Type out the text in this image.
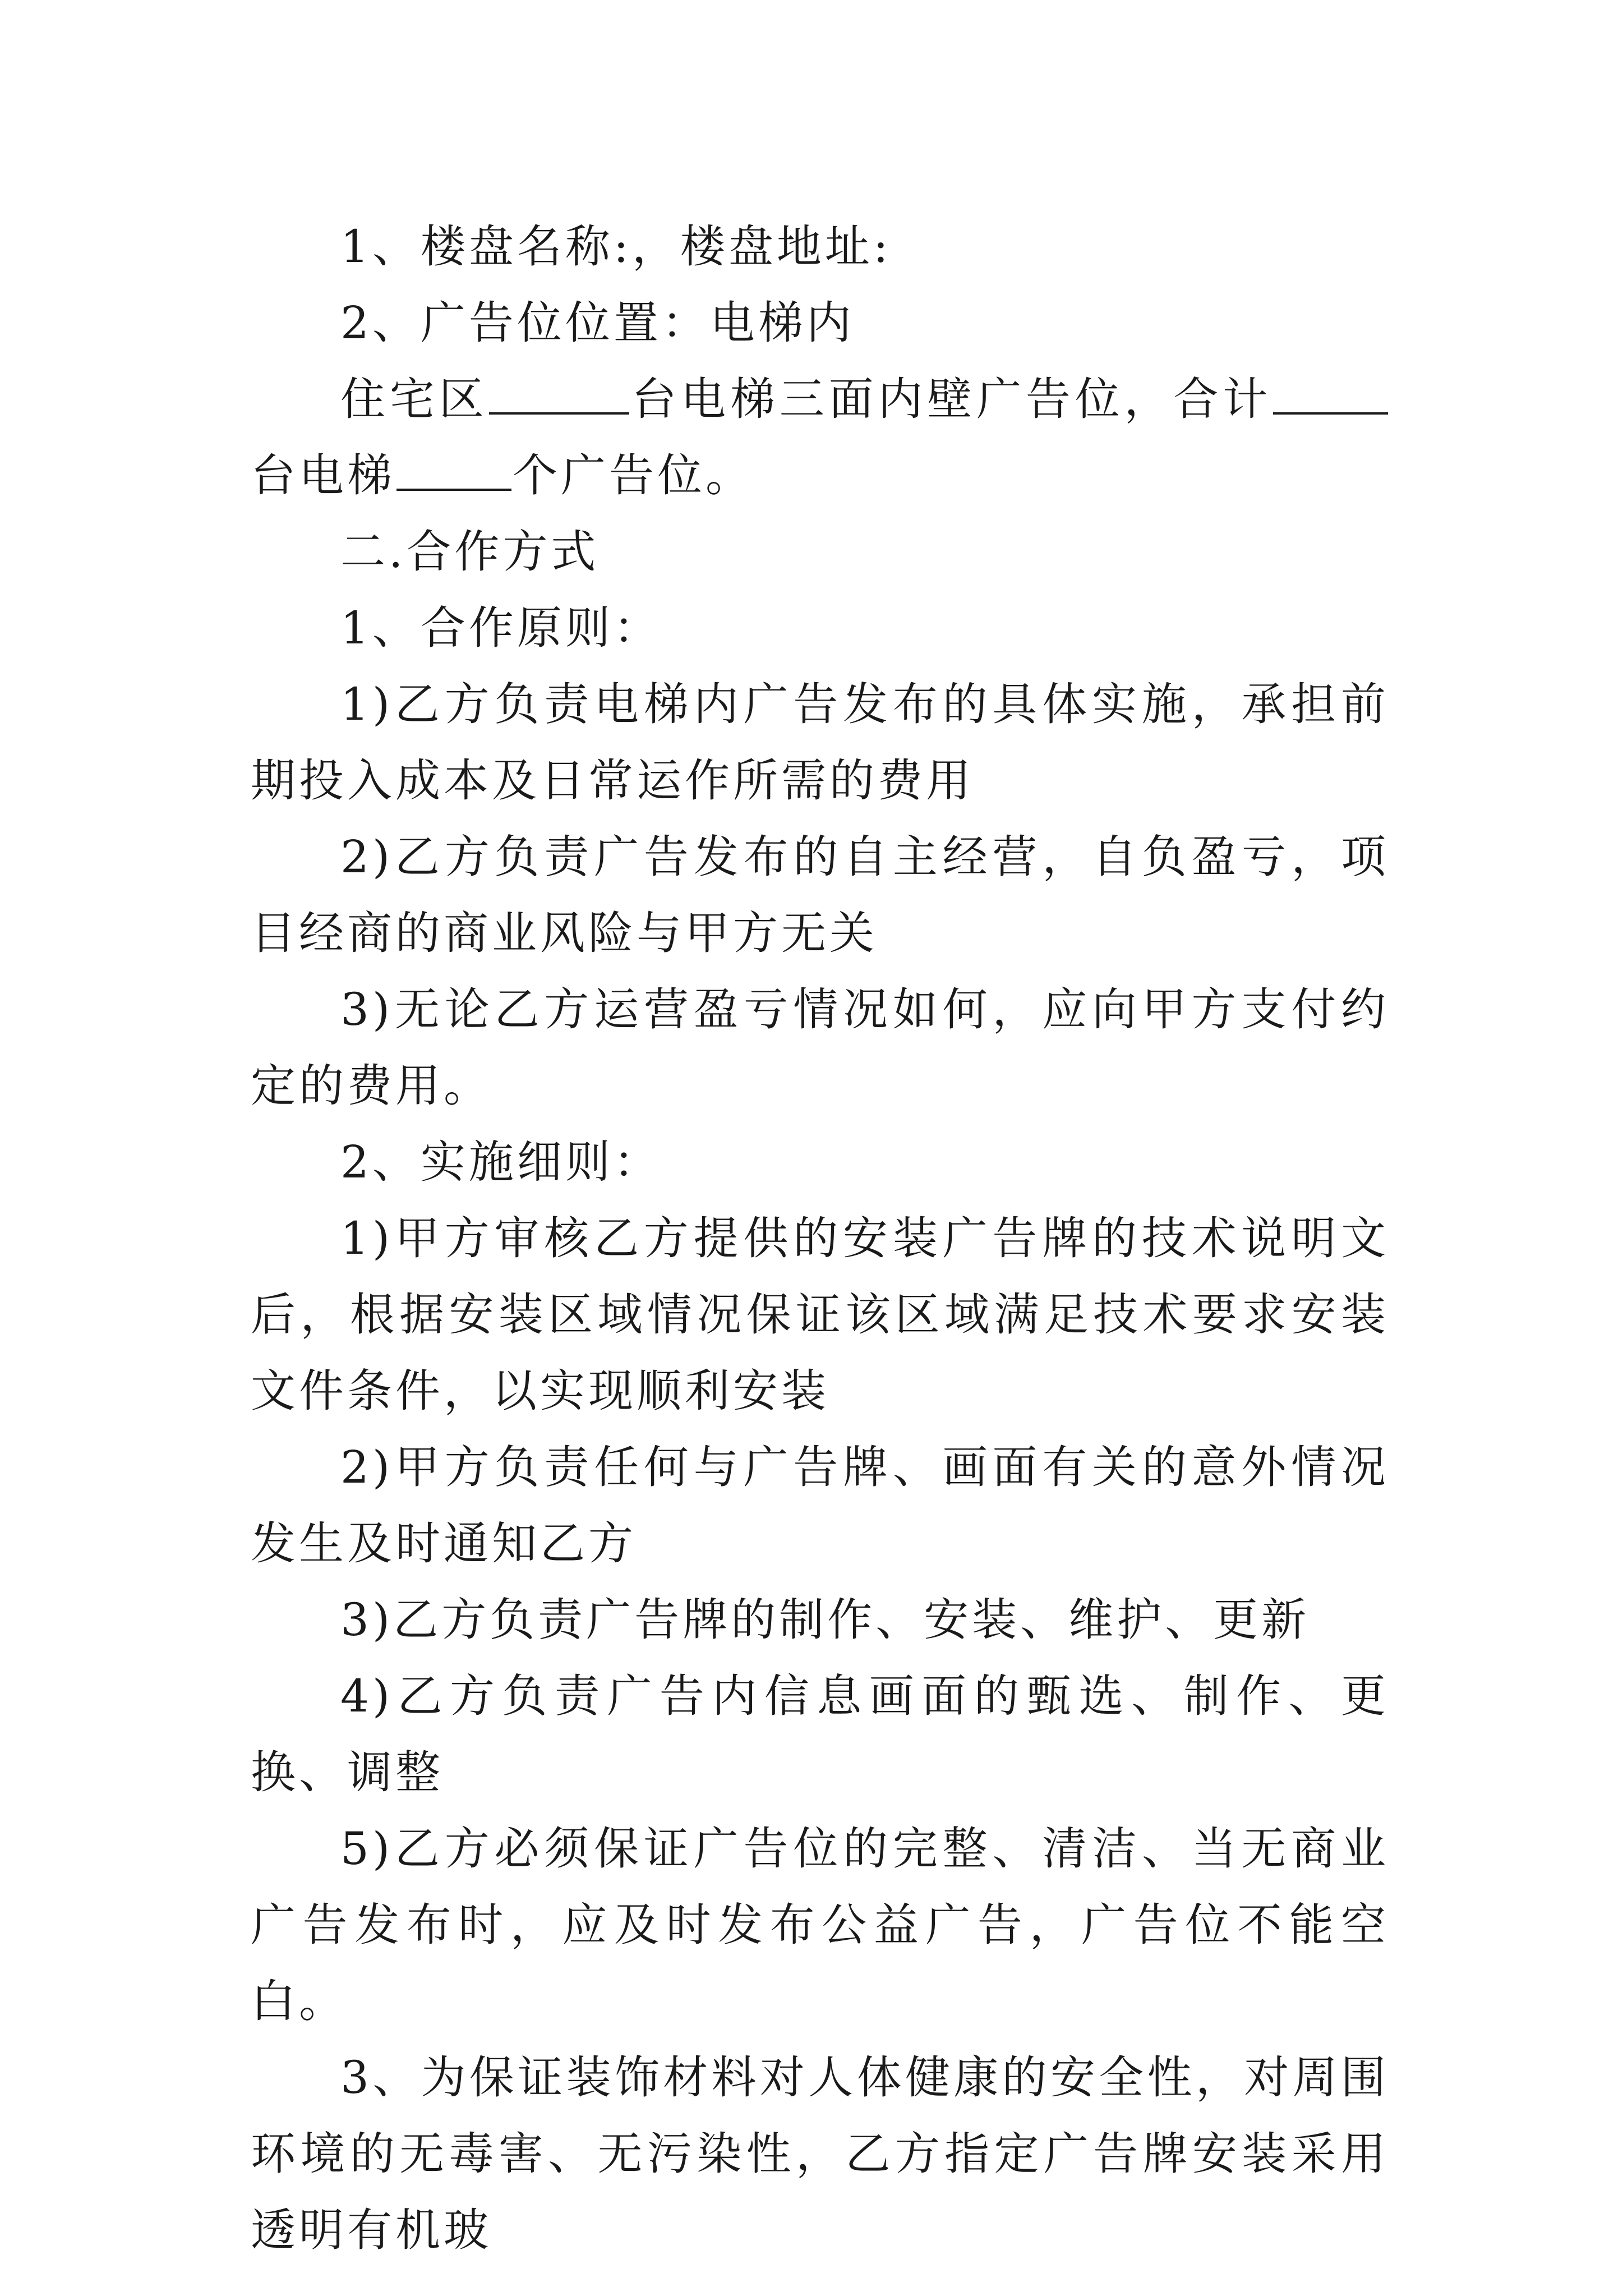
1、楼盘名称:，楼盘地址:

2、广告位位置：电梯内

住宅区	台电梯三面内壁广告位，合计台电梯	个广告位。

二.合作方式

1、合作原则：

1)乙方负责电梯内广告发布的具体实施，承担前期投入成本及日常运作所需的费用

2)乙方负责广告发布的自主经营，自负盈亏，项目经商的商业风险与甲方无关

3)无论乙方运营盈亏情况如何，应向甲方支付约定的费用。

2、实施细则：

1)甲方审核乙方提供的安装广告牌的技术说明文后，根据安装区域情况保证该区域满足技术要求安装文件条件，以实现顺利安装

2)甲方负责任何与广告牌、画面有关的意外情况发生及时通知乙方

3)乙方负责广告牌的制作、安装、维护、更新

4)乙方负责广告内信息画面的甄选、制作、更换、调整

5)乙方必须保证广告位的完整、清洁、当无商业广告发布时，应及时发布公益广告，广告位不能空白。

3、为保证装饰材料对人体健康的安全性，对周围环境的无毒害、无污染性，乙方指定广告牌安装采用透明有机玻
